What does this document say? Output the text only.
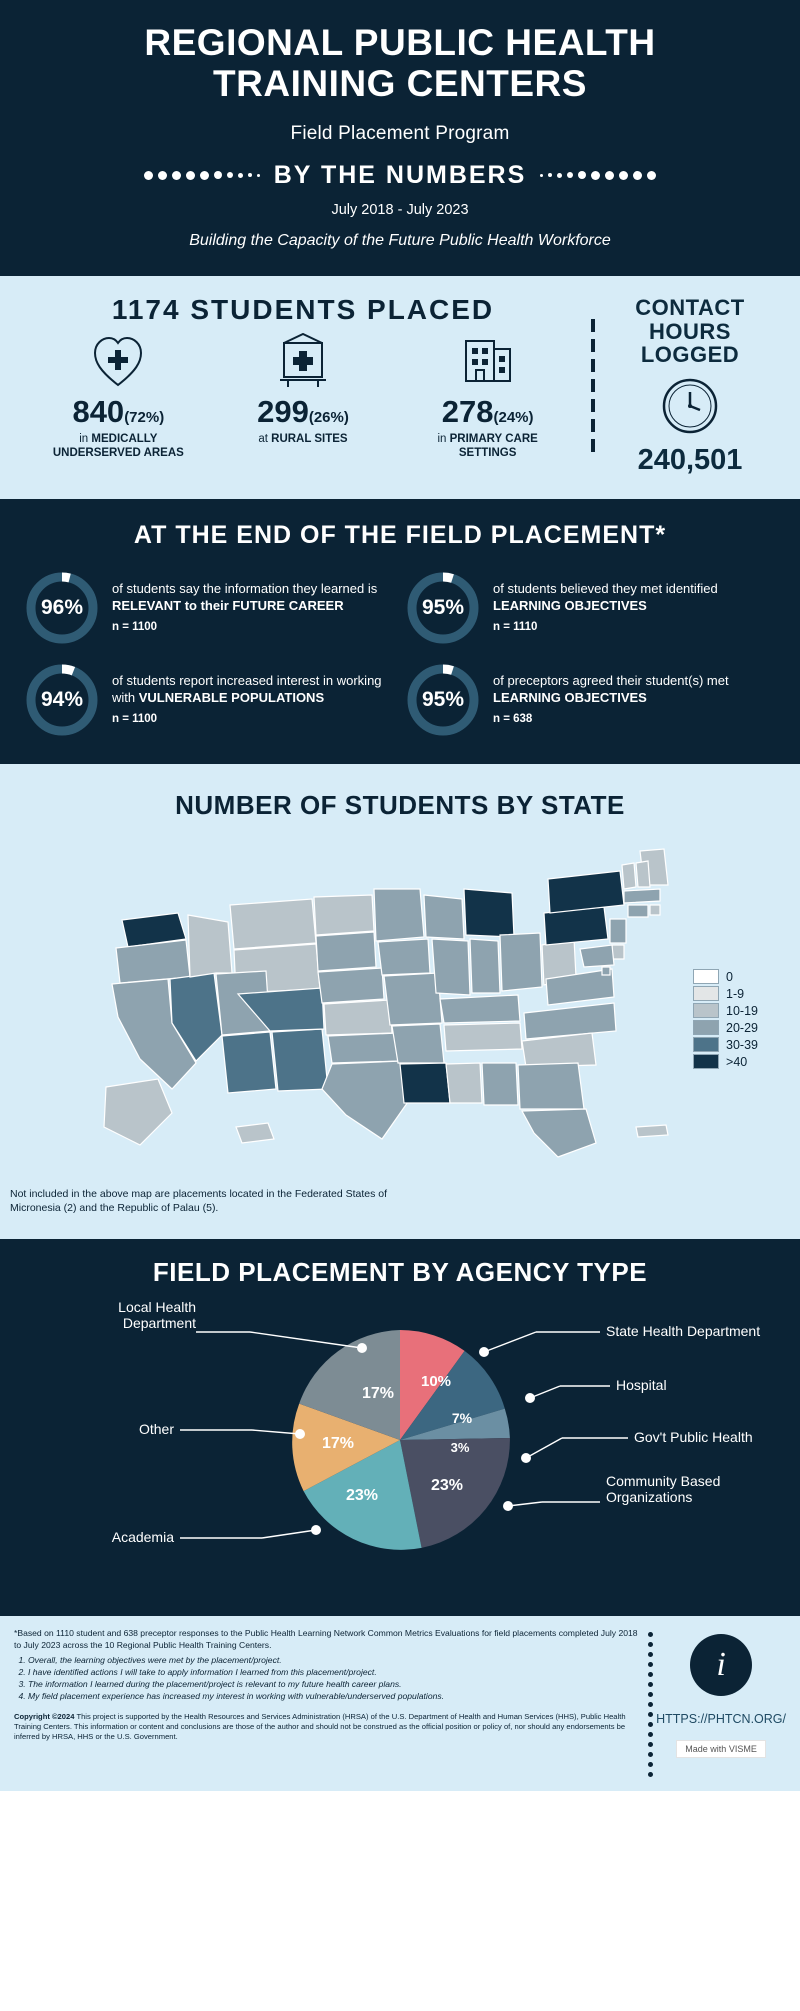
REGIONAL PUBLIC HEALTH
TRAINING CENTERS
Field Placement Program
BY THE NUMBERS
July 2018 - July 2023
Building the Capacity of the Future Public Health Workforce
1174 STUDENTS PLACED
840(72%)
in MEDICALLY UNDERSERVED AREAS
299(26%)
at RURAL SITES
278(24%)
in PRIMARY CARE SETTINGS
CONTACT
HOURS
LOGGED
240,501
AT THE END OF THE FIELD PLACEMENT*
96%
of students say the information they learned is RELEVANT to their FUTURE CAREER
n = 1100
95%
of students believed they met identified LEARNING OBJECTIVES
n = 1110
94%
of students report increased interest in working with VULNERABLE POPULATIONS
n = 1100
95%
of preceptors agreed their student(s) met LEARNING OBJECTIVES
n = 638
NUMBER OF STUDENTS BY STATE
0
1-9
10-19
20-29
30-39
>40
Not included in the above map are placements located in the Federated States of Micronesia (2) and the Republic of Palau (5).
FIELD PLACEMENT BY AGENCY TYPE
10%
7%
3%
23%
23%
17%
17%
Local Health
Department	State Health Department
Hospital
Gov't Public Health
Community Based
Organizations
Academia
Other
*Based on 1110 student and 638 preceptor responses to the Public Health Learning Network Common Metrics Evaluations for field placements completed July 2018 to July 2023 across the 10 Regional Public Health Training Centers.
1. Overall, the learning objectives were met by the placement/project.
2. I have identified actions I will take to apply information I learned from this placement/project.
3. The information I learned during the placement/project is relevant to my future health career plans.
4. My field placement experience has increased my interest in working with vulnerable/underserved populations.
Copyright ©2024 This project is supported by the Health Resources and Services Administration (HRSA) of the U.S. Department of Health and Human Services (HHS), Public Health Training Centers. This information or content and conclusions are those of the author and should not be construed as the official position or policy of, nor should any endorsements be inferred by HRSA, HHS or the U.S. Government.
i
HTTPS://PHTCN.ORG/
Made with VISME
